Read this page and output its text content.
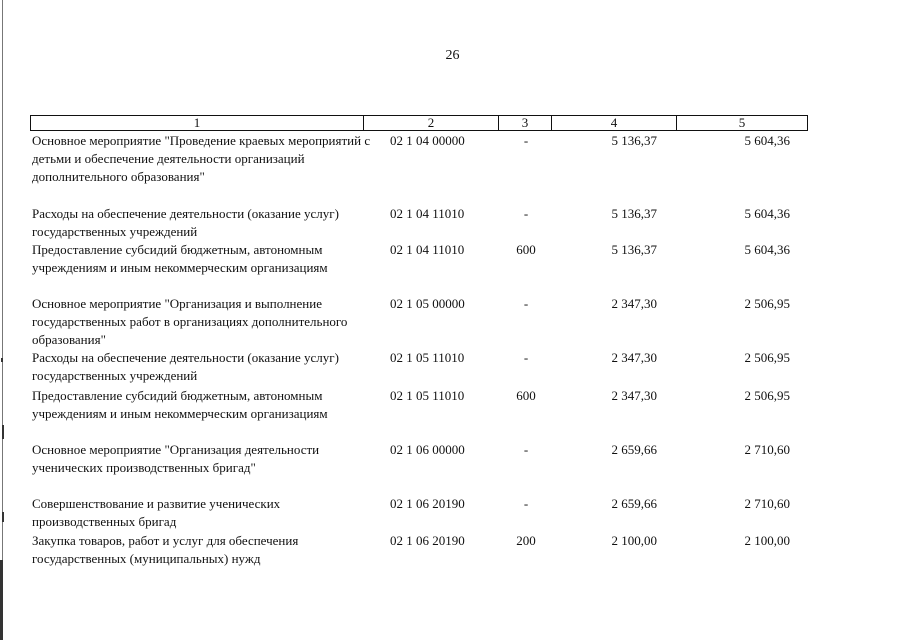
26
1	2	3	4	5
Основное мероприятие "Проведение краевых мероприятий с детьми и обеспечение деятельности организаций дополнительного образования"
02 1 04 00000	-	5 136,37	5 604,36
Расходы на обеспечение деятельности (оказание услуг) государственных учреждений
02 1 04 11010	-	5 136,37	5 604,36
Предоставление субсидий бюджетным, автономным учреждениям и иным некоммерческим организациям
02 1 04 11010	600	5 136,37	5 604,36
Основное мероприятие "Организация и выполнение государственных работ в организациях дополнительного образования"
02 1 05 00000	-	2 347,30	2 506,95
Расходы на обеспечение деятельности (оказание услуг) государственных учреждений
02 1 05 11010	-	2 347,30	2 506,95
Предоставление субсидий бюджетным, автономным учреждениям и иным некоммерческим организациям
02 1 05 11010	600	2 347,30	2 506,95
Основное мероприятие "Организация деятельности ученических производственных бригад"
02 1 06 00000	-	2 659,66	2 710,60
Совершенствование и развитие ученических производственных бригад
02 1 06 20190	-	2 659,66	2 710,60
Закупка товаров, работ и услуг для обеспечения государственных (муниципальных) нужд
02 1 06 20190	200	2 100,00	2 100,00
